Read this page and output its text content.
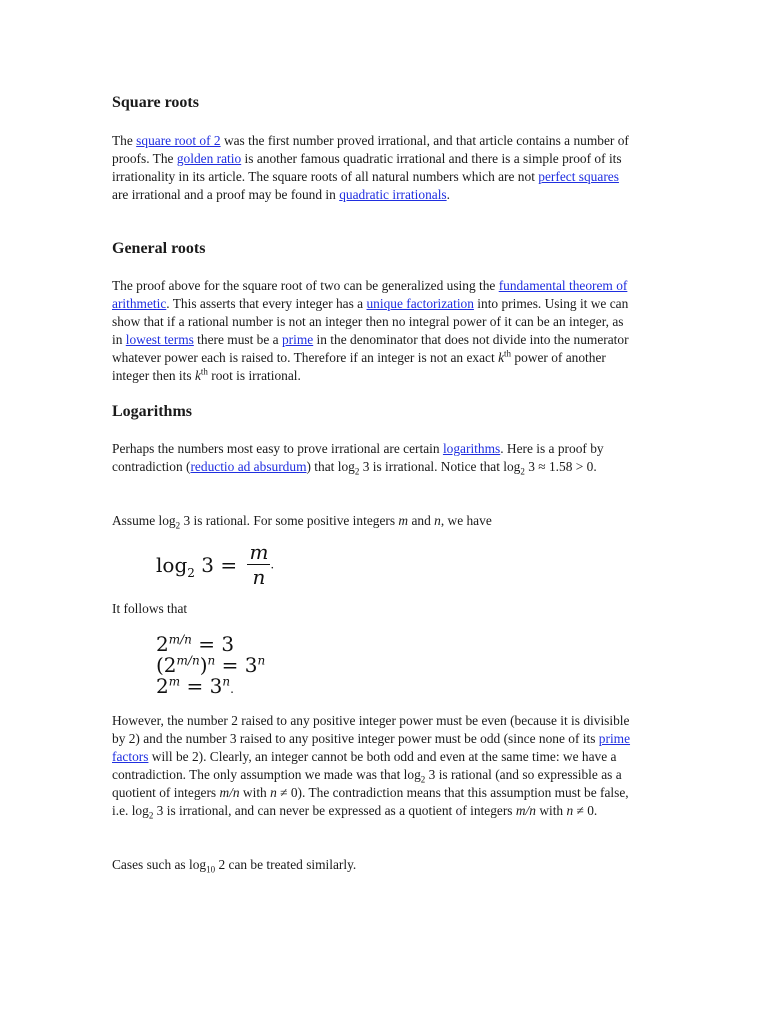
Square roots

The square root of 2 was the first number proved irrational, and that article contains a number of proofs. The golden ratio is another famous quadratic irrational and there is a simple proof of its irrationality in its article. The square roots of all natural numbers which are not perfect squares are irrational and a proof may be found in quadratic irrationals.

General roots

The proof above for the square root of two can be generalized using the fundamental theorem of arithmetic. This asserts that every integer has a unique factorization into primes. Using it we can show that if a rational number is not an integer then no integral power of it can be an integer, as in lowest terms there must be a prime in the denominator that does not divide into the numerator whatever power each is raised to. Therefore if an integer is not an exact $k^{th}$ power of another integer then its $k^{th}$ root is irrational.

Logarithms

Perhaps the numbers most easy to prove irrational are certain logarithms. Here is a proof by contradiction (reductio ad absurdum) that $\log_2 3$ is irrational. Notice that $\log_2 3 \approx 1.58 > 0$.

Assume $\log_2 3$ is rational. For some positive integers m and n, we have

$\log_2 3 = \frac{m}{n}$ .

It follows that

$2^{m/n} = 3$
$(2^{m/n})^n = 3^n$
$2^m = 3^n$.

However, the number 2 raised to any positive integer power must be even (because it is divisible by 2) and the number 3 raised to any positive integer power must be odd (since none of its prime factors will be 2). Clearly, an integer cannot be both odd and even at the same time: we have a contradiction. The only assumption we made was that $\log_2 3$ is rational (and so expressible as a quotient of integers m/n with n ≠ 0). The contradiction means that this assumption must be false, i.e. $\log_2 3$ is irrational, and can never be expressed as a quotient of integers m/n with n ≠ 0.

Cases such as $\log_{10} 2$ can be treated similarly.
